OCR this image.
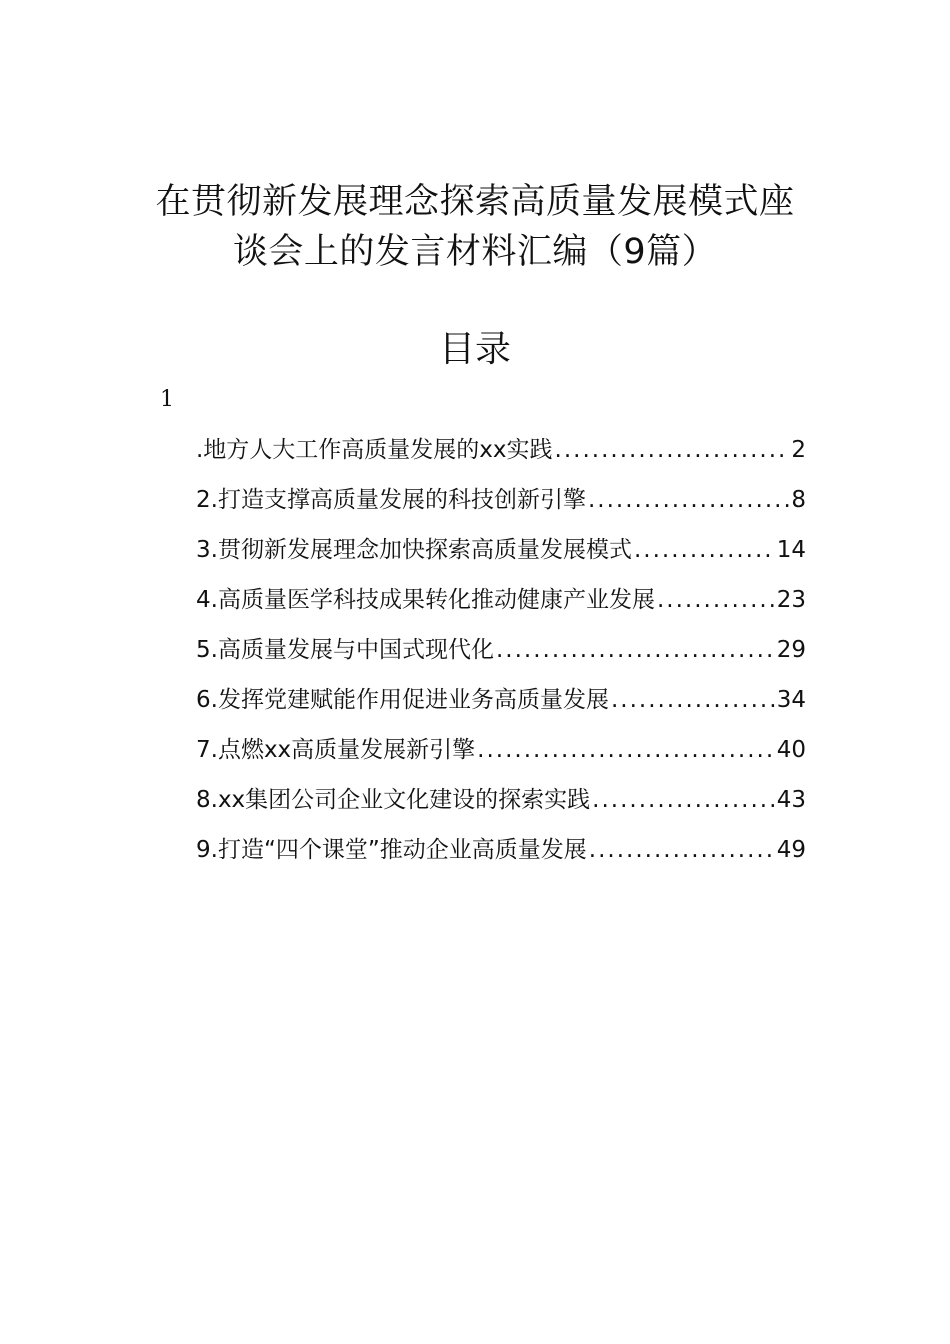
在贯彻新发展理念探索高质量发展模式座
谈会上的发言材料汇编（9篇）
目录
1
.地方人大工作高质量发展的xx实践 .....	2
2.打造支撑高质量发展的科技创新引擎 .....	8
3.贯彻新发展理念加快探索高质量发展模式 .....	14
4.高质量医学科技成果转化推动健康产业发展 .....	23
5.高质量发展与中国式现代化 .....	29
6.发挥党建赋能作用促进业务高质量发展 .....	34
7.点燃xx高质量发展新引擎 .....	40
8.xx集团公司企业文化建设的探索实践 .....	43
9.打造“四个课堂”推动企业高质量发展 .....	49
